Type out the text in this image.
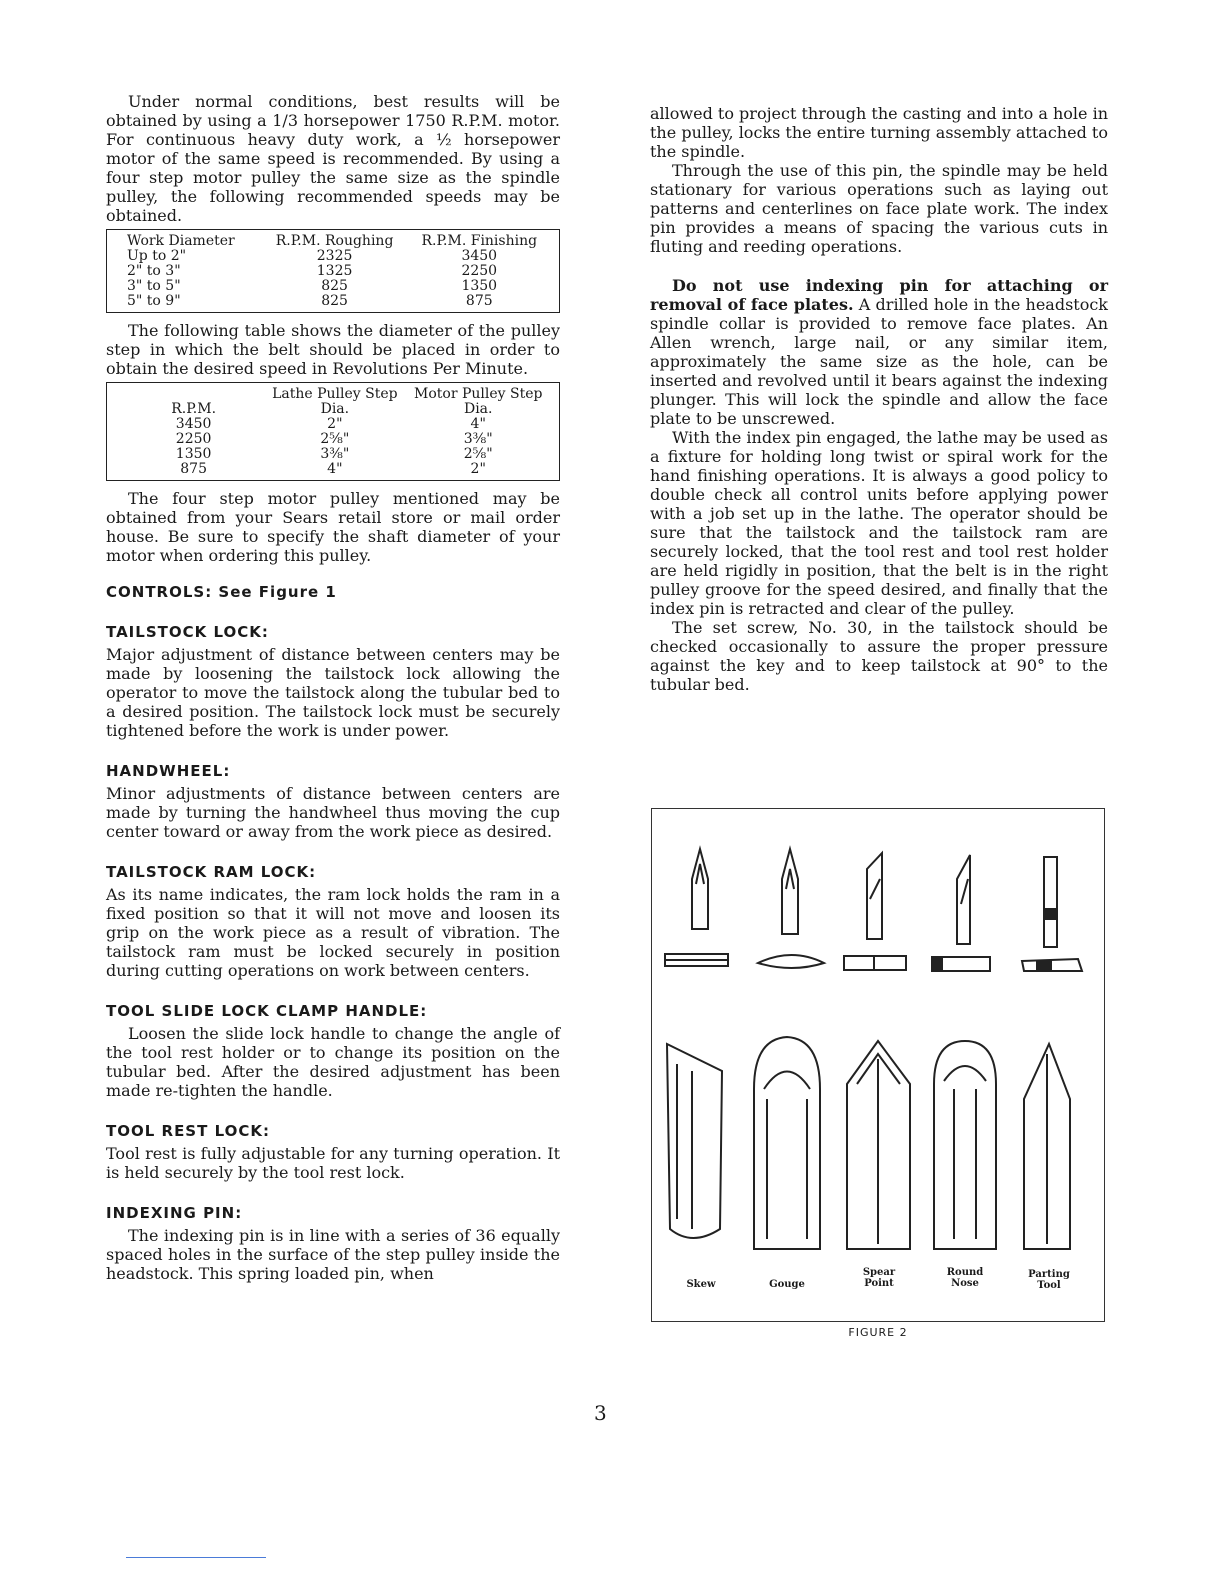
Under normal conditions, best results will be obtained by using a 1/3 horsepower 1750 R.P.M. motor. For continuous heavy duty work, a ½ horsepower motor of the same speed is recommended. By using a four step motor pulley the same size as the spindle pulley, the following recommended speeds may be obtained.

Work Diameter	R.P.M. Roughing	R.P.M. Finishing
Up to 2"	2325	3450
2" to 3"	1325	2250
3" to 5"	825	1350
5" to 9"	825	875

The following table shows the diameter of the pulley step in which the belt should be placed in order to obtain the desired speed in Revolutions Per Minute.

R.P.M.	Lathe Pulley Step Dia.	Motor Pulley Step Dia.
3450	2"	4"
2250	2⅝"	3⅜"
1350	3⅜"	2⅝"
875	4"	2"

The four step motor pulley mentioned may be obtained from your Sears retail store or mail order house. Be sure to specify the shaft diameter of your motor when ordering this pulley.

CONTROLS: See Figure 1
TAILSTOCK LOCK:

Major adjustment of distance between centers may be made by loosening the tailstock lock allowing the operator to move the tailstock along the tubular bed to a desired position. The tailstock lock must be securely tightened before the work is under power.

HANDWHEEL:

Minor adjustments of distance between centers are made by turning the handwheel thus moving the cup center toward or away from the work piece as desired.

TAILSTOCK RAM LOCK:

As its name indicates, the ram lock holds the ram in a fixed position so that it will not move and loosen its grip on the work piece as a result of vibration. The tailstock ram must be locked securely in position during cutting operations on work between centers.

TOOL SLIDE LOCK CLAMP HANDLE:

Loosen the slide lock handle to change the angle of the tool rest holder or to change its position on the tubular bed. After the desired adjustment has been made re-tighten the handle.

TOOL REST LOCK:

Tool rest is fully adjustable for any turning operation. It is held securely by the tool rest lock.

INDEXING PIN:

The indexing pin is in line with a series of 36 equally spaced holes in the surface of the step pulley inside the headstock. This spring loaded pin, when

allowed to project through the casting and into a hole in the pulley, locks the entire turning assembly attached to the spindle.

Through the use of this pin, the spindle may be held stationary for various operations such as laying out patterns and centerlines on face plate work. The index pin provides a means of spacing the various cuts in fluting and reeding operations.

Do not use indexing pin for attaching or removal of face plates. A drilled hole in the headstock spindle collar is provided to remove face plates. An Allen wrench, large nail, or any similar item, approximately the same size as the hole, can be inserted and revolved until it bears against the indexing plunger. This will lock the spindle and allow the face plate to be unscrewed.

With the index pin engaged, the lathe may be used as a fixture for holding long twist or spiral work for the hand finishing operations. It is always a good policy to double check all control units before applying power with a job set up in the lathe. The operator should be sure that the tailstock and the tailstock ram are securely locked, that the tool rest and tool rest holder are held rigidly in position, that the belt is in the right pulley groove for the speed desired, and finally that the index pin is retracted and clear of the pulley.

The set screw, No. 30, in the tailstock should be checked occasionally to assure the proper pressure against the key and to keep tailstock at 90° to the tubular bed.

Skew	Gouge
Spear
Point
Round
Nose
Parting
Tool
FIGURE 2
3
